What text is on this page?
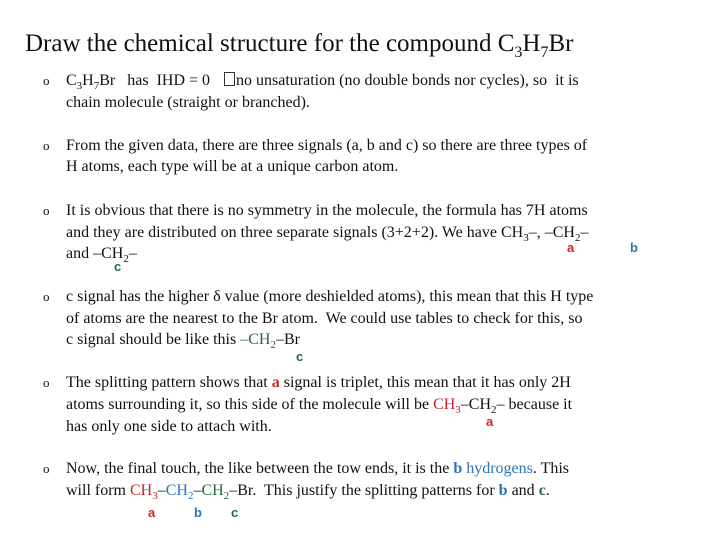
Draw the chemical structure for the compound $C_3H_7Br$
o
o
o
o
o
o
$C_3H_7Br$   has  IHD = 0  no unsaturation (no double bonds nor cycles), so  it is
chain molecule (straight or branched).
From the given data, there are three signals (a, b and c) so there are three types of
H atoms, each type will be at a unique carbon atom.
It is obvious that there is no symmetry in the molecule, the formula has 7H atoms
and they are distributed on three separate signals (3+2+2). We have $CH_3-$, $-CH_2-$
and $-CH_2-$
c signal has the higher δ value (more deshielded atoms), this mean that this H type
of atoms are the nearest to the Br atom.  We could use tables to check for this, so
c signal should be like this $-CH_2-Br$
The splitting pattern shows that a signal is triplet, this mean that it has only 2H
atoms surrounding it, so this side of the molecule will be $CH_3-CH_2-$ because it
has only one side to attach with.
Now, the final touch, the like between the tow ends, it is the b hydrogens. This
will form $CH_3-CH_2-CH_2-Br$.  This justify the splitting patterns for b and c.
a	b
c
c
a
a	b c
